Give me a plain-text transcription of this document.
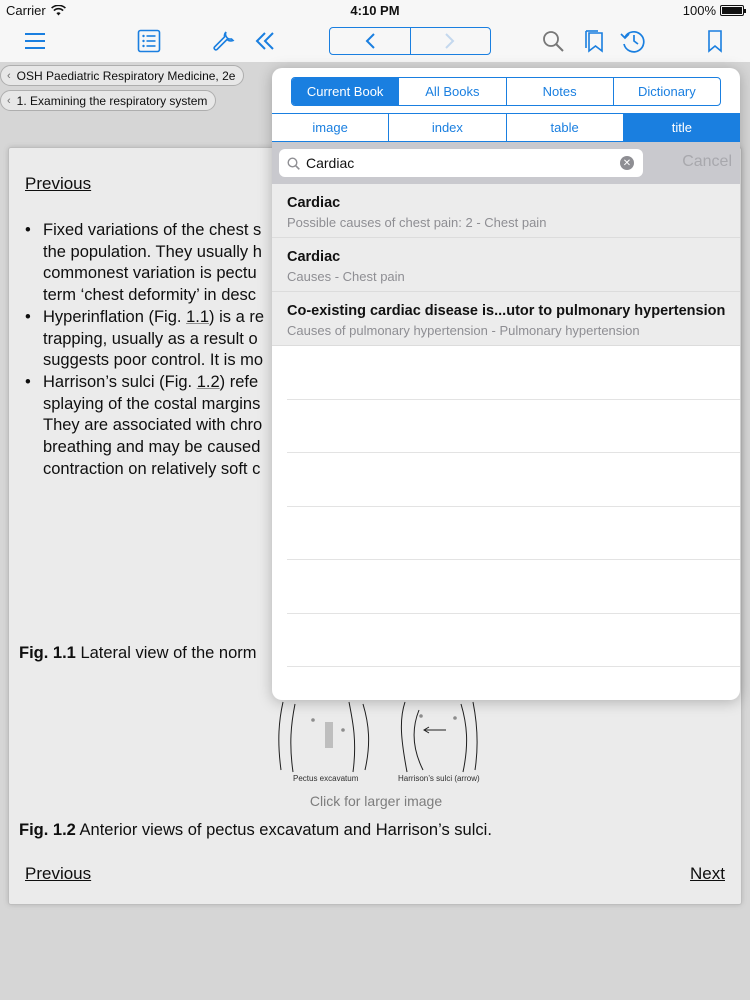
Carrier	4:10 PM	100%
‹ OSH Paediatric Respiratory Medicine, 2e
‹ 1. Examining the respiratory system
Previous
• Fixed variations of the chest s
the population. They usually h
commonest variation is pectu
term ‘chest deformity’ in desc
• Hyperinflation (Fig. 1.1) is a re
trapping, usually as a result o
suggests poor control. It is mo
• Harrison’s sulci (Fig. 1.2) refe
splaying of the costal margins
They are associated with chro
breathing and may be caused
contraction on relatively soft c
Fig. 1.1 Lateral view of the norm
Pectus excavatum	Harrison’s sulci (arrow)
Click for larger image
Fig. 1.2 Anterior views of pectus excavatum and Harrison’s sulci.
Previous	Next
Current Book	All Books	Notes	Dictionary
image	index	table	title
Cardiac	✕	Cancel
Cardiac
Possible causes of chest pain: 2 - Chest pain
Cardiac
Causes - Chest pain
Co-existing cardiac disease is...utor to pulmonary hypertension
Causes of pulmonary hypertension - Pulmonary hypertension
